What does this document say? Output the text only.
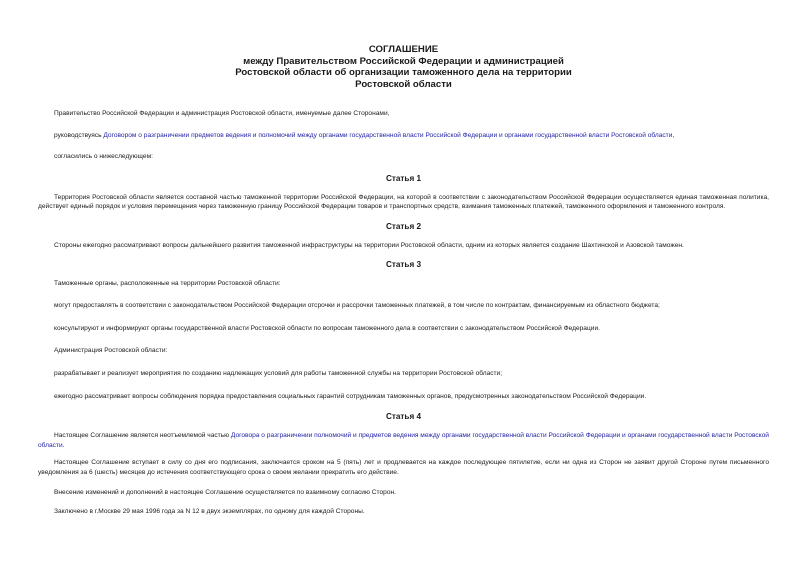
СОГЛАШЕНИЕ
между Правительством Российской Федерации и администрацией
Ростовской области об организации таможенного дела на территории
Ростовской области

Правительство Российской Федерации и администрация Ростовской области, именуемые далее Сторонами,

руководствуясь Договором о разграничении предметов ведения и полномочий между органами государственной власти Российской Федерации и органами государственной власти Ростовской области,

согласились о нижеследующем:

Статья 1

Территория Ростовской области является составной частью таможенной территории Российской Федерации, на которой в соответствии с законодательством Российской Федерации осуществляется единая таможенная политика, действует единый порядок и условия перемещения через таможенную границу Российской Федерации товаров и транспортных средств, взимания таможенных платежей, таможенного оформления и таможенного контроля.

Статья 2

Стороны ежегодно рассматривают вопросы дальнейшего развития таможенной инфраструктуры на территории Ростовской области, одним из которых является создание Шахтинской и Азовской таможен.

Статья 3

Таможенные органы, расположенные на территории Ростовской области:

могут предоставлять в соответствии с законодательством Российской Федерации отсрочки и рассрочки таможенных платежей, в том числе по контрактам, финансируемым из областного бюджета;

консультируют и информируют органы государственной власти Ростовской области по вопросам таможенного дела в соответствии с законодательством Российской Федерации.

Администрация Ростовской области:

разрабатывает и реализует мероприятия по созданию надлежащих условий для работы таможенной службы на территории Ростовской области;

ежегодно рассматривает вопросы соблюдения порядка предоставления социальных гарантий сотрудникам таможенных органов, предусмотренных законодательством Российской Федерации.

Статья 4

Настоящее Соглашение является неотъемлемой частью Договора о разграничении полномочий и предметов ведения между органами государственной власти Российской Федерации и органами государственной власти Ростовской области.

Настоящее Соглашение вступает в силу со дня его подписания, заключается сроком на 5 (пять) лет и продлевается на каждое последующее пятилетие, если ни одна из Сторон не заявит другой Стороне путем письменного уведомления за 6 (шесть) месяцев до истечения соответствующего срока о своем желании прекратить его действие.

Внесение изменений и дополнений в настоящее Соглашение осуществляется по взаимному согласию Сторон.

Заключено в г.Москве 29 мая 1996 года за N 12 в двух экземплярах, по одному для каждой Стороны.
